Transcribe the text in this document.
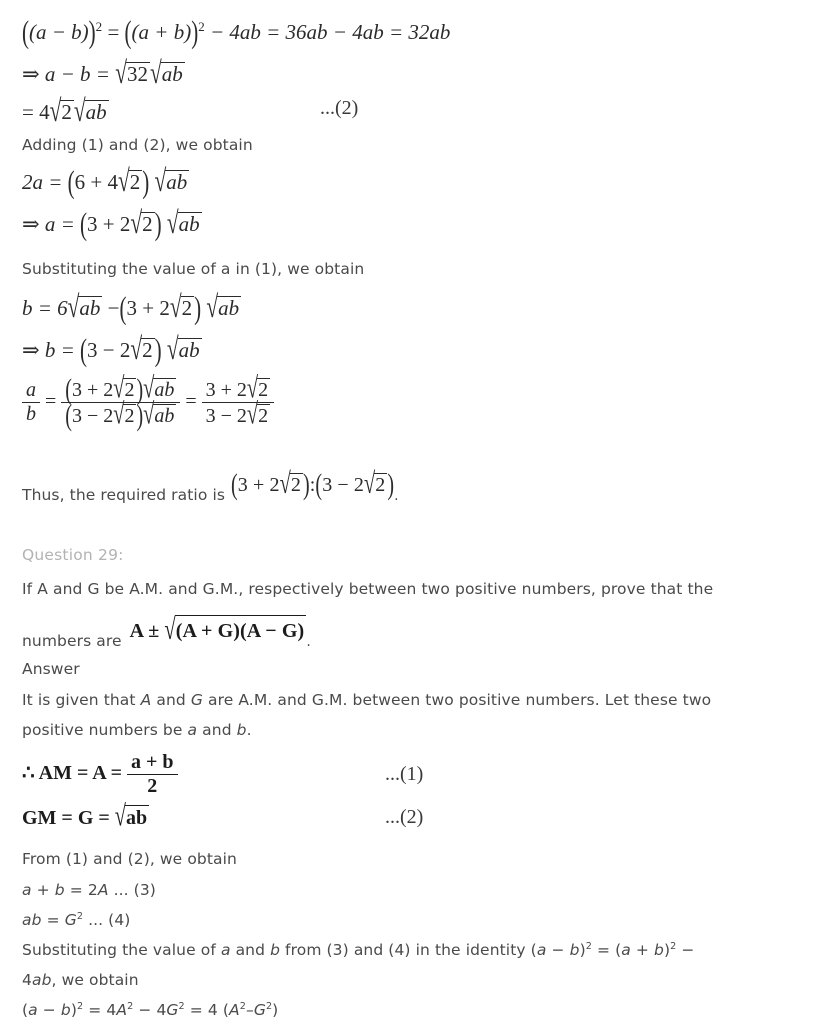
$((a - b))^2 = ((a + b))^2 - 4ab = 36ab - 4ab = 32ab$
⇒ a − b = √32√ab
= 4√2√ab	...(2)
Adding (1) and (2), we obtain
2a = (6 + 4√2) √ab
⇒ a = (3 + 2√2) √ab
Substituting the value of a in (1), we obtain
b = 6√ab −(3 + 2√2) √ab
⇒ b = (3 − 2√2) √ab
$\frac{a}{b} = \frac{(3 + 2√2 )√ab}{(3 - 2√2 )√ab} = \frac{3 + 2√2}{3 - 2√2}$
Thus, the required ratio is (3 + 2√2 ):(3 − 2√2 ).
Question 29:
If A and G be A.M. and G.M., respectively between two positive numbers, prove that the
numbers are A ± √(A + G)(A − G) .
Answer
It is given that A and G are A.M. and G.M. between two positive numbers. Let these two
positive numbers be a and b.
∴ AM = $A = \frac{a + b}{2}$	...(1)
GM = G = √ab	...(2)
From (1) and (2), we obtain
a + b = 2A ... (3)
ab = $G^2$ ... (4)
Substituting the value of a and b from (3) and (4) in the identity $(a - b)^2 = (a + b)^2$ −
4ab, we obtain
$(a - b)^2 = 4A^2 - 4G^2 = 4$ $(A^2-G^2)$
